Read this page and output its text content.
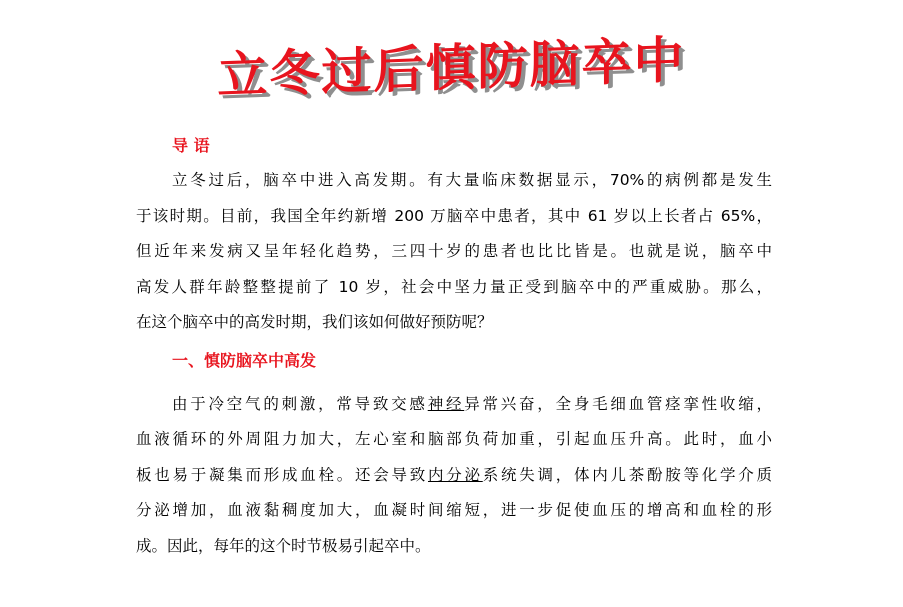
立冬过后慎防脑卒中
导 语
立冬过后，脑卒中进入高发期。有大量临床数据显示，70%的病例都是发生
于该时期。目前，我国全年约新增 200 万脑卒中患者，其中 61 岁以上长者占 65%，
但近年来发病又呈年轻化趋势，三四十岁的患者也比比皆是。也就是说，脑卒中
高发人群年龄整整提前了 10 岁，社会中坚力量正受到脑卒中的严重威胁。那么，
在这个脑卒中的高发时期，我们该如何做好预防呢？
一、慎防脑卒中高发
由于冷空气的刺激，常导致交感神经异常兴奋，全身毛细血管痉挛性收缩，
血液循环的外周阻力加大，左心室和脑部负荷加重，引起血压升高。此时，血小
板也易于凝集而形成血栓。还会导致内分泌系统失调，体内儿茶酚胺等化学介质
分泌增加，血液黏稠度加大，血凝时间缩短，进一步促使血压的增高和血栓的形
成。因此，每年的这个时节极易引起卒中。
